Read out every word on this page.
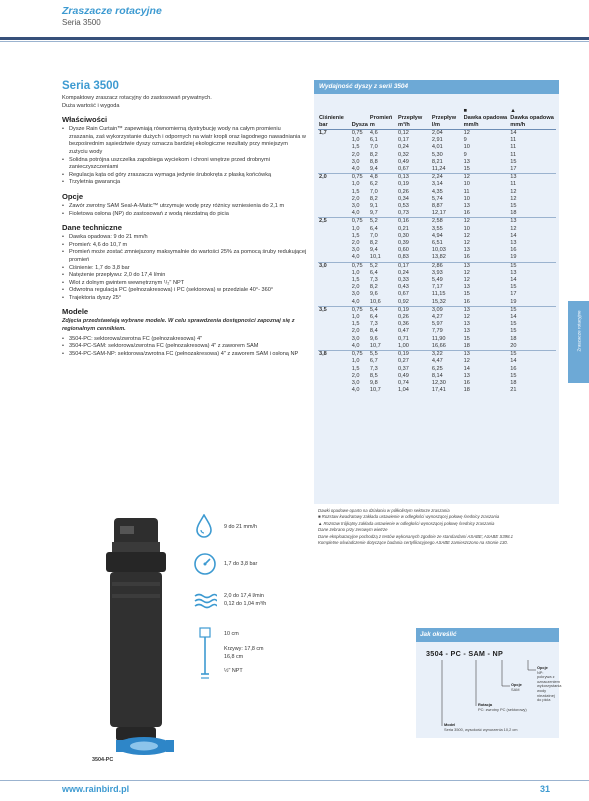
Zraszacze rotacyjne
Seria 3500
Seria 3500
Kompaktowy zraszacz rotacyjny do zastosowań prywatnych.
Duża wartość i wygoda
Właściwości
• Dysze Rain Curtain™ zapewniają równomierną dystrybucję wody na całym promieniu zraszania, zaś wykorzystanie dużych i odpornych na wiatr kropli oraz łagodnego nawadniania w bezpośrednim sąsiedztwie dyszy oznacza bardziej ekologiczne rezultaty przy mniejszym zużyciu wody
• Solidna potrójna uszczelka zapobiega wyciekom i chroni wnętrze przed drobnymi zanieczyszczeniami
• Regulacja kąta od góry zraszacza wymaga jedynie śrubokręta z płaską końcówką
• Trzyletnia gwarancja
Opcje
• Zawór zwrotny SAM Seal-A-Matic™ utrzymuje wodę przy różnicy wzniesienia do 2,1 m
• Fioletowa osłona (NP) do zastosowań z wodą niezdatną do picia
Dane techniczne
• Dawka opadowa: 9 do 21 mm/h
• Promień: 4,6 do 10,7 m
• Promień może zostać zmniejszony maksymalnie do wartości 25% za pomocą śruby redukującej promień
• Ciśnienie: 1,7 do 3,8 bar
• Natężenie przepływu: 2,0 do 17,4 l/min
• Wlot z dolnym gwintem wewnętrznym ¹/₂" NPT
• Odwrotna regulacja PC (pełnozakresowa) i PC (sektorowa) w przedziale 40°- 360°
• Trajektoria dyszy 25°
Modele
Zdjęcia przedstawiają wybrane modele. W celu sprawdzenia dostępności zapoznaj się z regionalnym cennikiem.
• 3504-PC: sektorowa/zwrotna FC (pełnozakresowa) 4"
• 3504-PC-SAM: sektorowa/zwrotna FC (pełnozakresowa) 4" z zaworem SAM
• 3504-PC-SAM-NP: sektorowa/zwrotna FC (pełnozakresowa) 4" z zaworem SAM i osłoną NP
9 do 21 mm/h
1,7 do 3,8 bar
2,0 do 17,4 l/min
0,12 do 1,04 m³/h
10 cm
Krzywy: 17,8 cm
16,8 cm
½" NPT
3504-PC
Wydajność dyszy z serii 3504
Ciśnienie bar	Dysza	Promień m	Przepływ m³/h	Przepływ l/m	■
Dawka opadowa mm/h	▲
Dawka opadowa mm/h
1,7	0,75	4,6	0,12	2,04	12	14
	1,0	6,1	0,17	2,91	9	11
	1,5	7,0	0,24	4,01	10	11
	2,0	8,2	0,32	5,30	9	11
	3,0	8,8	0,49	8,21	13	15
	4,0	9,4	0,67	11,24	15	17
2,0	0,75	4,8	0,13	2,24	12	13
	1,0	6,2	0,19	3,14	10	11
	1,5	7,0	0,26	4,35	11	12
	2,0	8,2	0,34	5,74	10	12
	3,0	9,1	0,53	8,87	13	15
	4,0	9,7	0,73	12,17	16	18
2,5	0,75	5,2	0,16	2,58	12	13
	1,0	6,4	0,21	3,55	10	12
	1,5	7,0	0,30	4,94	12	14
	2,0	8,2	0,39	6,51	12	13
	3,0	9,4	0,60	10,03	13	16
	4,0	10,1	0,83	13,82	16	19
3,0	0,75	5,2	0,17	2,86	13	15
	1,0	6,4	0,24	3,93	12	13
	1,5	7,3	0,33	5,49	12	14
	2,0	8,2	0,43	7,17	13	15
	3,0	9,6	0,67	11,15	15	17
	4,0	10,6	0,92	15,32	16	19
3,5	0,75	5,4	0,19	3,09	13	15
	1,0	6,4	0,26	4,27	12	14
	1,5	7,3	0,36	5,97	13	15
	2,0	8,4	0,47	7,79	13	15
	3,0	9,6	0,71	11,90	15	18
	4,0	10,7	1,00	16,66	18	20
3,8	0,75	5,5	0,19	3,22	13	15
	1,0	6,7	0,27	4,47	12	14
	1,5	7,3	0,37	6,25	14	16
	2,0	8,5	0,49	8,14	13	15
	3,0	9,8	0,74	12,30	16	18
	4,0	10,7	1,04	17,41	18	21
Dawki opadowe oparto na działaniu w półkolistym sektorze zraszania
■ Rozstaw kwadratowy zakłada ustawienie w odległości wynoszącej połowę średnicy zraszania
▲ Rozstaw trójkątny zakłada ustawienie w odległości wynoszącej połowę średnicy zraszania
Dane zebrano przy zerowym wietrze
Dane eksploatacyjne pochodzą z testów wykonanych zgodnie ze standardami ASABE; ASABE S398.1
Kompletne oświadczenie dotyczące badania certyfikacyjnego ASABE zamieszczono na stronie 130.
Zraszacze rotacyjne
Jak określić
3504 - PC - SAM - NP
Opcje
NP: pokrywa z oznaczeniem wykorzystania wody niezdatnej do picia
Opcje
SAM
Rotacja
PC: zwrotny PC (sektorowy)
Model
Seria 3500, wysokość wynurzenia 10,2 cm
www.rainbird.pl	31
